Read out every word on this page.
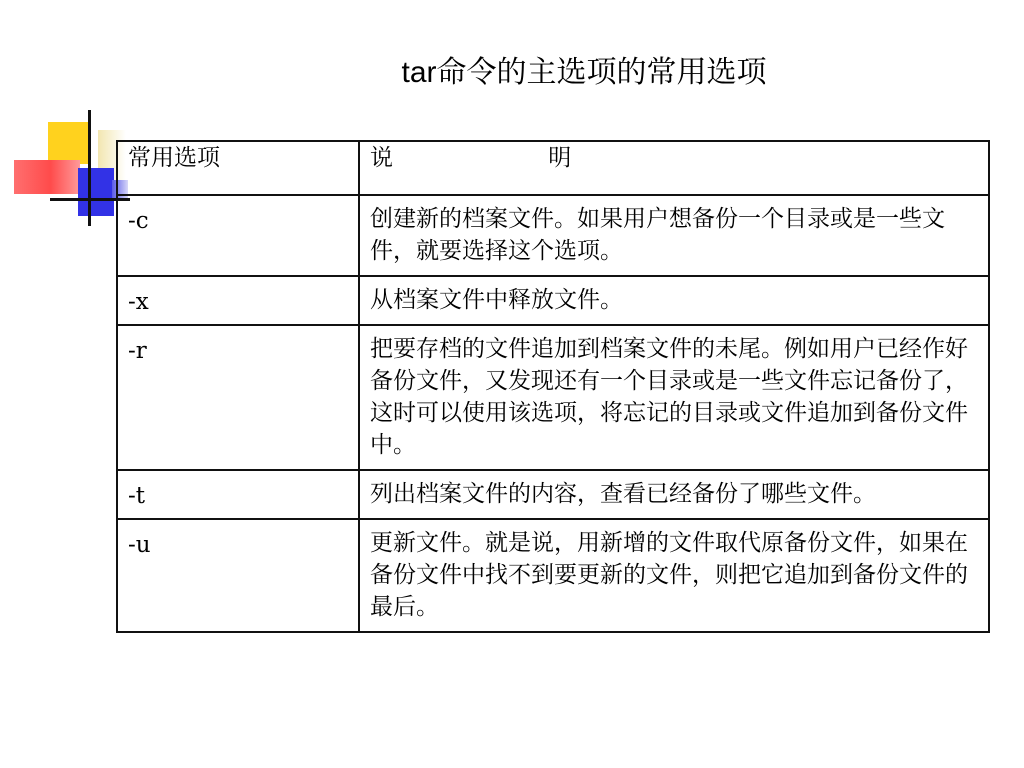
tar命令的主选项的常用选项
常用选项	说 明
-c	创建新的档案文件。如果用户想备份一个目录或是一些文件，就要选择这个选项。
-x	从档案文件中释放文件。
-r	把要存档的文件追加到档案文件的未尾。例如用户已经作好备份文件，又发现还有一个目录或是一些文件忘记备份了，这时可以使用该选项，将忘记的目录或文件追加到备份文件中。
-t	列出档案文件的内容，查看已经备份了哪些文件。
-u	更新文件。就是说，用新增的文件取代原备份文件，如果在备份文件中找不到要更新的文件，则把它追加到备份文件的最后。
